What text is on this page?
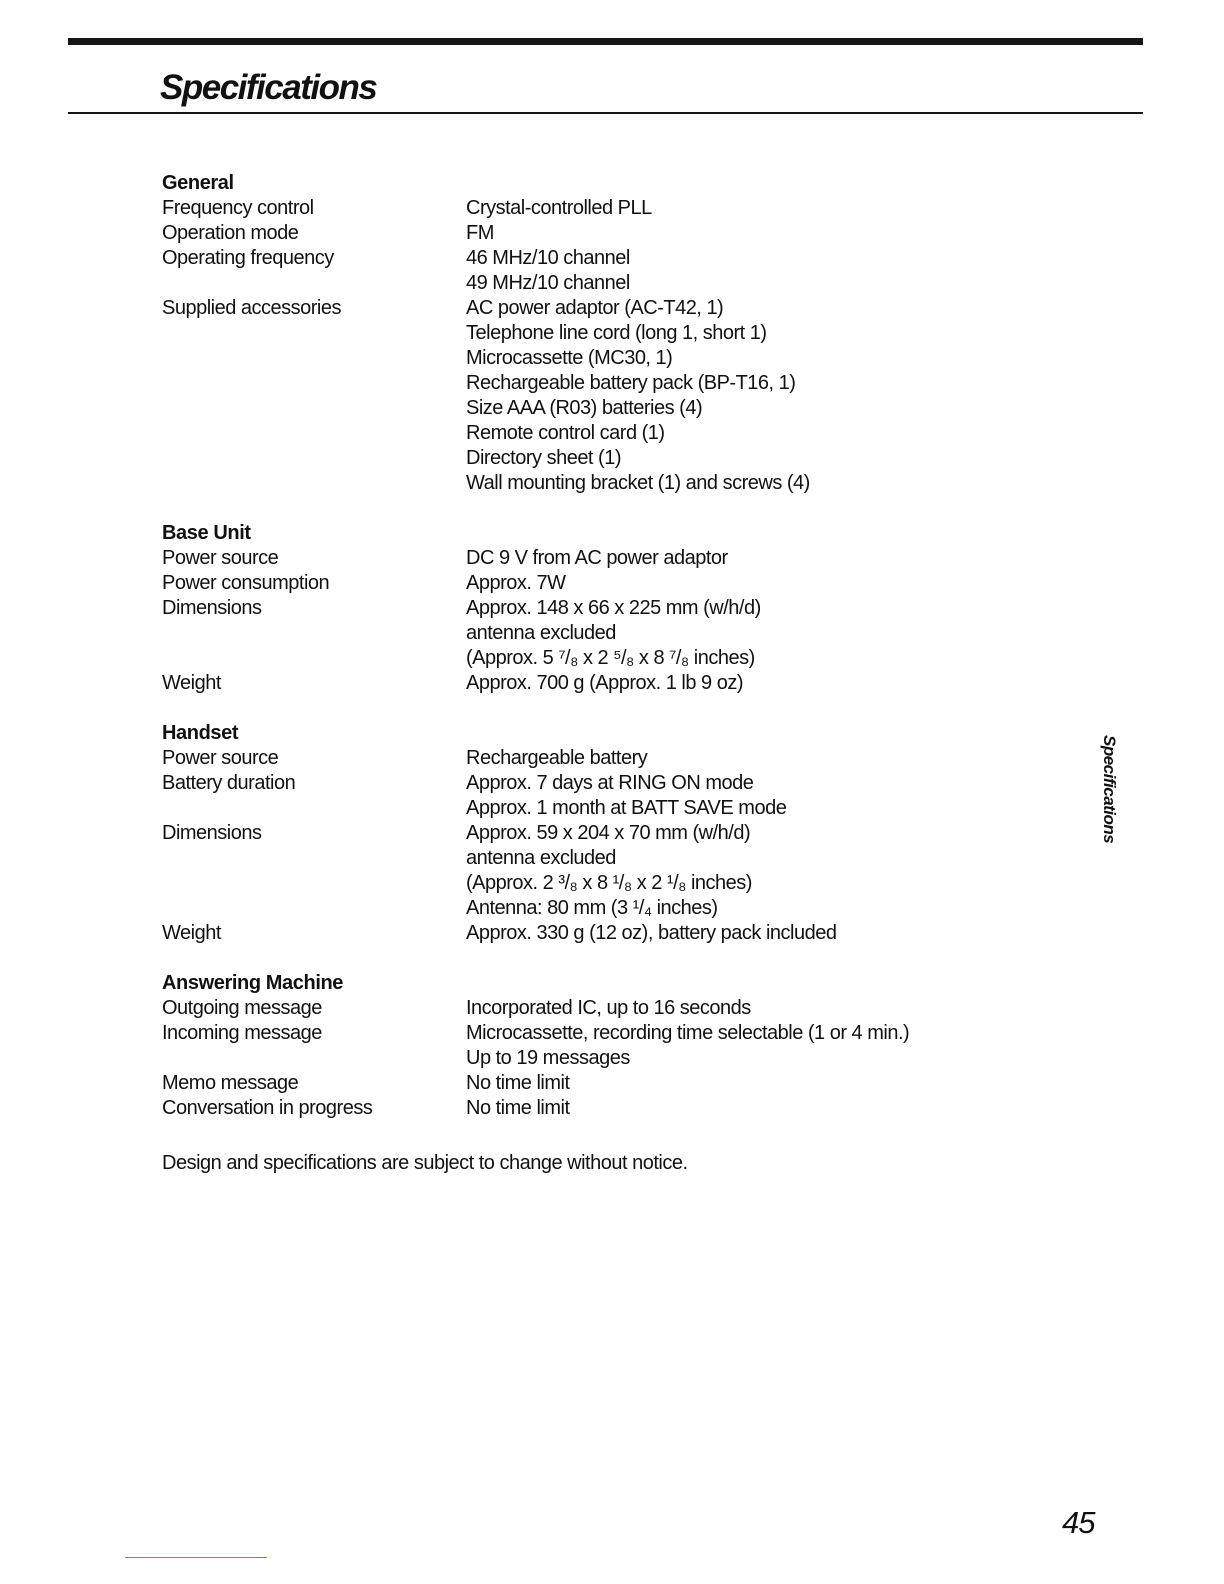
Specifications
General
Frequency control	Crystal-controlled PLL
Operation mode	FM
Operating frequency	46 MHz/10 channel
49 MHz/10 channel
Supplied accessories	AC power adaptor (AC-T42, 1)
Telephone line cord (long 1, short 1)
Microcassette (MC30, 1)
Rechargeable battery pack (BP-T16, 1)
Size AAA (R03) batteries (4)
Remote control card (1)
Directory sheet (1)
Wall mounting bracket (1) and screws (4)
Base Unit
Power source	DC 9 V from AC power adaptor
Power consumption	Approx. 7W
Dimensions	Approx. 148 x 66 x 225 mm (w/h/d)
antenna excluded
(Approx. 5 ⁷/₈ x 2 ⁵/₈ x 8 ⁷/₈ inches)
Weight	Approx. 700 g (Approx. 1 lb 9 oz)
Handset
Power source	Rechargeable battery
Battery duration	Approx. 7 days at RING ON mode
Approx. 1 month at BATT SAVE mode
Dimensions	Approx. 59 x 204 x 70 mm (w/h/d)
antenna excluded
(Approx. 2 ³/₈ x 8 ¹/₈ x 2 ¹/₈ inches)
Antenna: 80 mm (3 ¹/₄ inches)
Weight	Approx. 330 g (12 oz), battery pack included
Answering Machine
Outgoing message	Incorporated IC, up to 16 seconds
Incoming message	Microcassette, recording time selectable (1 or 4 min.)
Up to 19 messages
Memo message	No time limit
Conversation in progress	No time limit
Design and specifications are subject to change without notice.
Specifications
45
